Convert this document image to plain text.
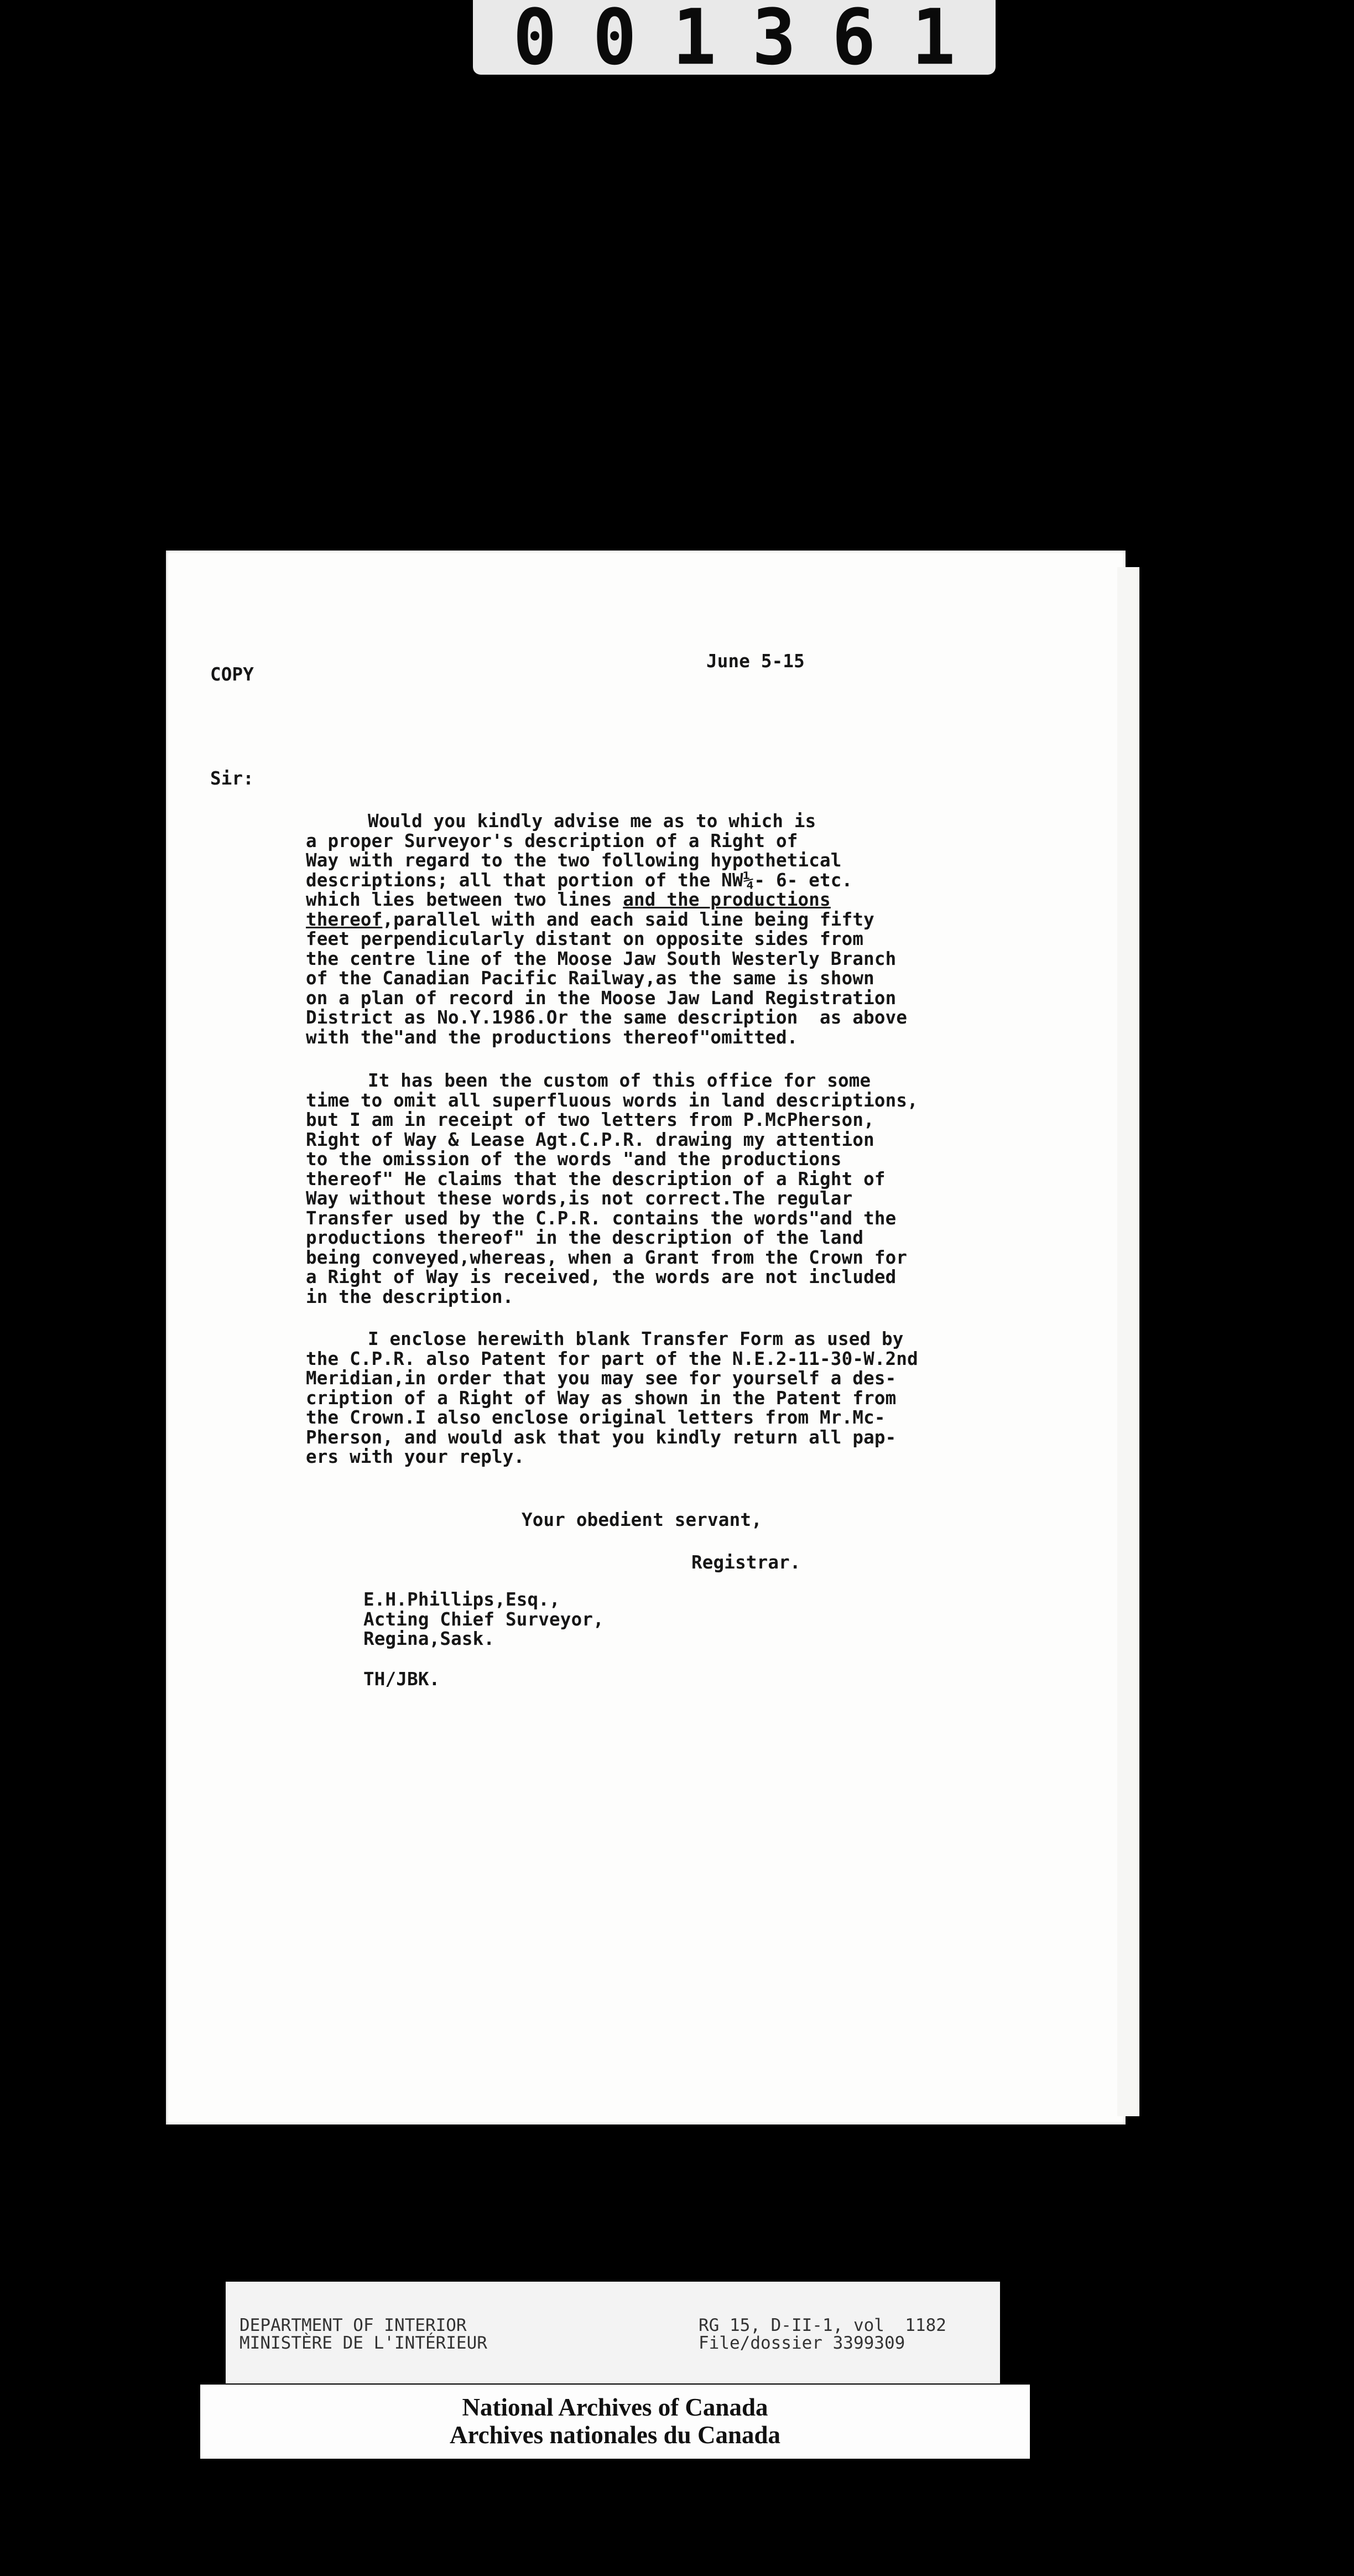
0 0 1 3 6 1
COPY
June 5-15
Sir:
Would you kindly advise me as to which is
a proper Surveyor's description of a Right of
Way with regard to the two following hypothetical
descriptions; all that portion of the NW¼- 6- etc.
which lies between two lines and the productions
thereof,parallel with and each said line being fifty
feet perpendicularly distant on opposite sides from
the centre line of the Moose Jaw South Westerly Branch
of the Canadian Pacific Railway,as the same is shown
on a plan of record in the Moose Jaw Land Registration
District as No.Y.1986.Or the same description  as above
with the"and the productions thereof"omitted.
It has been the custom of this office for some
time to omit all superfluous words in land descriptions,
but I am in receipt of two letters from P.McPherson,
Right of Way & Lease Agt.C.P.R. drawing my attention
to the omission of the words "and the productions
thereof" He claims that the description of a Right of
Way without these words,is not correct.The regular
Transfer used by the C.P.R. contains the words"and the
productions thereof" in the description of the land
being conveyed,whereas, when a Grant from the Crown for
a Right of Way is received, the words are not included
in the description.
I enclose herewith blank Transfer Form as used by
the C.P.R. also Patent for part of the N.E.2-11-30-W.2nd
Meridian,in order that you may see for yourself a des-
cription of a Right of Way as shown in the Patent from
the Crown.I also enclose original letters from Mr.Mc-
Pherson, and would ask that you kindly return all pap-
ers with your reply.
Your obedient servant,
Registrar.
E.H.Phillips,Esq.,
Acting Chief Surveyor,
Regina,Sask.
TH/JBK.
DEPARTMENT OF INTERIOR
MINISTÈRE DE L'INTÉRIEUR
RG 15, D-II-1, vol  1182
File/dossier 3399309
National Archives of Canada
Archives nationales du Canada
